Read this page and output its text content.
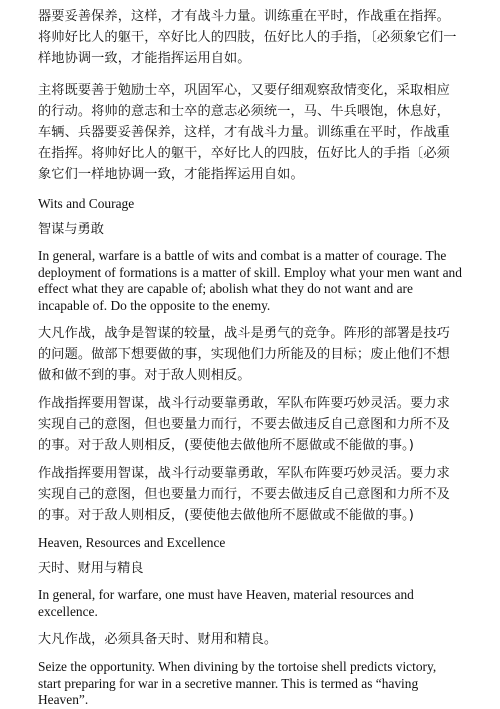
器要妥善保养，这样，才有战斗力量。训练重在平时，作战重在指挥。将帅好比人的躯干，卒好比人的四肢，伍好比人的手指，〔必须象它们一样地协调一致，才能指挥运用自如。

主将既要善于勉励士卒，巩固军心，又要仔细观察敌情变化，采取相应的行动。将帅的意志和士卒的意志必须统一，马、牛兵喂饱，休息好，车辆、兵器要妥善保养，这样，才有战斗力量。训练重在平时，作战重在指挥。将帅好比人的躯干，卒好比人的四肢，伍好比人的手指〔必须象它们一样地协调一致，才能指挥运用自如。

Wits and Courage

智谋与勇敢

In general, warfare is a battle of wits and combat is a matter of courage. The deployment of formations is a matter of skill. Employ what your men want and effect what they are capable of; abolish what they do not want and are incapable of. Do the opposite to the enemy.

大凡作战，战争是智谋的较量，战斗是勇气的竞争。阵形的部署是技巧的问题。做部下想要做的事，实现他们力所能及的目标；废止他们不想做和做不到的事。对于敌人则相反。

作战指挥要用智谋，战斗行动要靠勇敢，军队布阵要巧妙灵活。要力求实现自己的意图，但也要量力而行，不要去做违反自己意图和力所不及的事。对于敌人则相反，(要使他去做他所不愿做或不能做的事。)

作战指挥要用智谋，战斗行动要靠勇敢，军队布阵要巧妙灵活。要力求实现自己的意图，但也要量力而行，不要去做违反自己意图和力所不及的事。对于敌人则相反，(要使他去做他所不愿做或不能做的事。)

Heaven, Resources and Excellence

天时、财用与精良

In general, for warfare, one must have Heaven, material resources and excellence.

大凡作战，必须具备天时、财用和精良。

Seize the opportunity. When divining by the tortoise shell predicts victory, start preparing for war in a secretive manner. This is termed as “having Heaven”.
